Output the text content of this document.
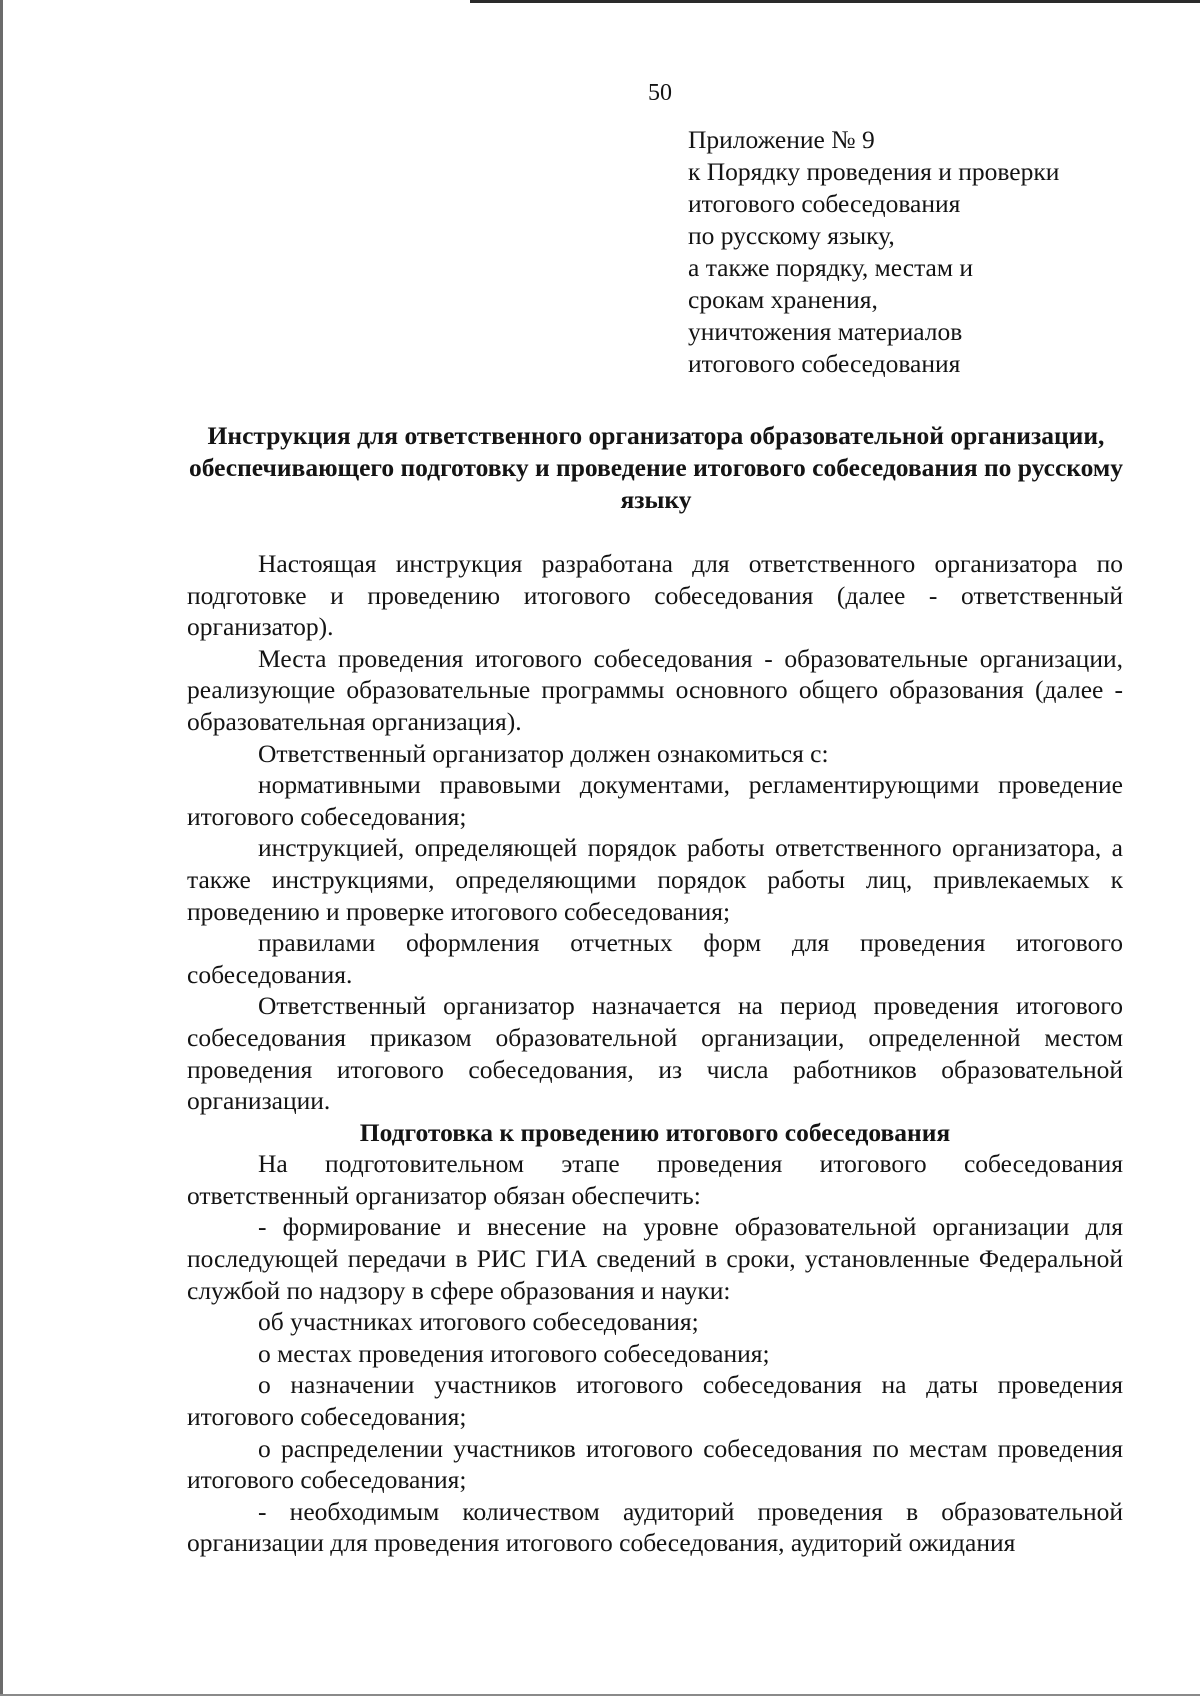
50
Приложение № 9
к Порядку проведения и проверки
итогового собеседования
по русскому языку,
а также порядку, местам и
срокам хранения,
уничтожения материалов
итогового собеседования
Инструкция для ответственного организатора образовательной организации, обеспечивающего подготовку и проведение итогового собеседования по русскому языку

Настоящая инструкция разработана для ответственного организатора по подготовке и проведению итогового собеседования (далее - ответственный организатор).

Места проведения итогового собеседования - образовательные организации, реализующие образовательные программы основного общего образования (далее - образовательная организация).

Ответственный организатор должен ознакомиться с:

нормативными правовыми документами, регламентирующими проведение итогового собеседования;

инструкцией, определяющей порядок работы ответственного организатора, а также инструкциями, определяющими порядок работы лиц, привлекаемых к проведению и проверке итогового собеседования;

правилами оформления отчетных форм для проведения итогового собеседования.

Ответственный организатор назначается на период проведения итогового собеседования приказом образовательной организации, определенной местом проведения итогового собеседования, из числа работников образовательной организации.

Подготовка к проведению итогового собеседования

На подготовительном этапе проведения итогового собеседования ответственный организатор обязан обеспечить:

- формирование и внесение на уровне образовательной организации для последующей передачи в РИС ГИА сведений в сроки, установленные Федеральной службой по надзору в сфере образования и науки:

об участниках итогового собеседования;

о местах проведения итогового собеседования;

о назначении участников итогового собеседования на даты проведения итогового собеседования;

о распределении участников итогового собеседования по местам проведения итогового собеседования;

- необходимым количеством аудиторий проведения в образовательной организации для проведения итогового собеседования, аудиторий ожидания
